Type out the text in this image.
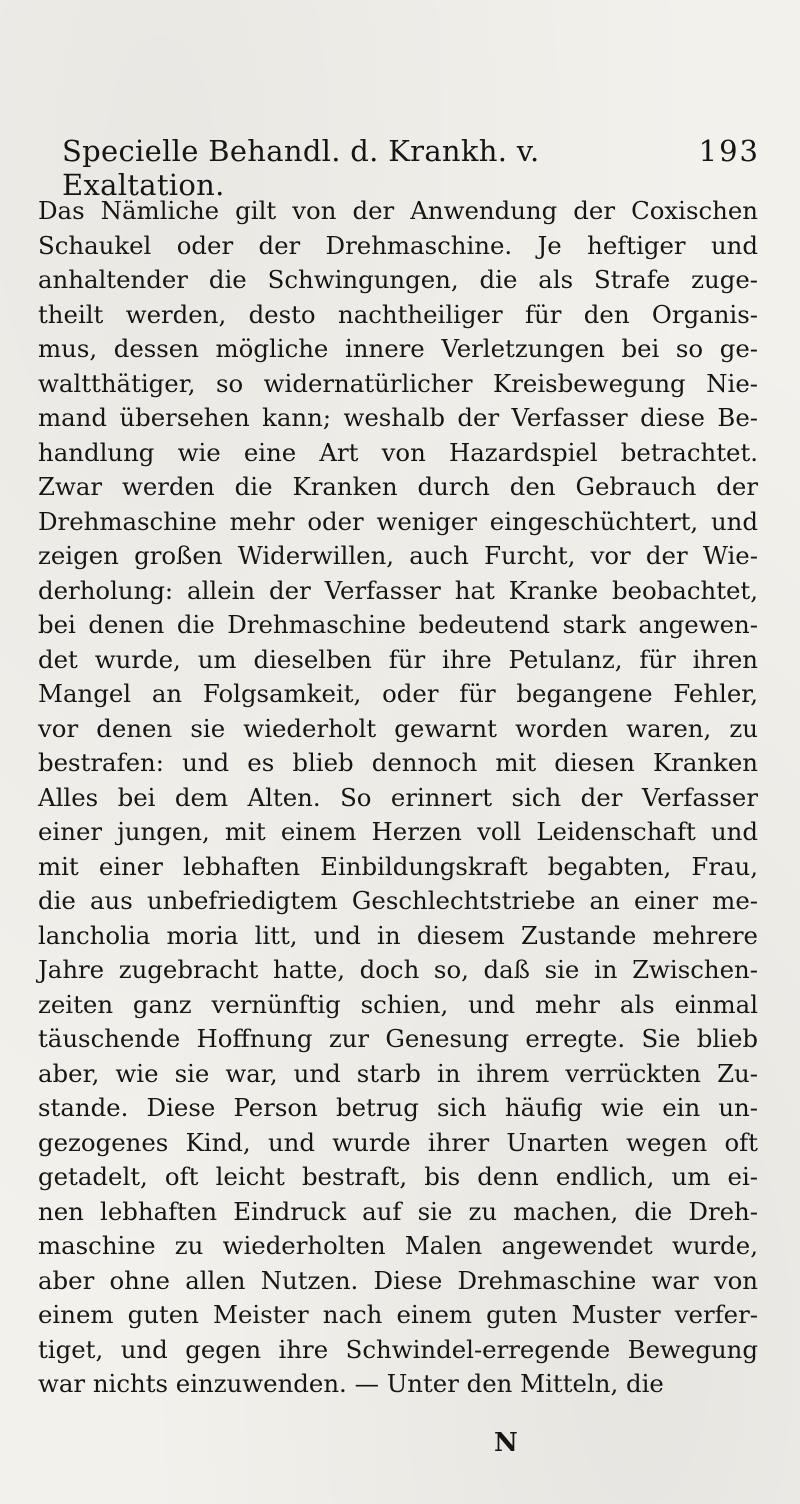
Specielle Behandl. d. Krankh. v. Exaltation.
193
Das Nämliche gilt von der Anwendung der Coxischen
Schaukel oder der Drehmaschine. Je heftiger und
anhaltender die Schwingungen, die als Strafe zuge-
theilt werden, desto nachtheiliger für den Organis-
mus, dessen mögliche innere Verletzungen bei so ge-
waltthätiger, so widernatürlicher Kreisbewegung Nie-
mand übersehen kann; weshalb der Verfasser diese Be-
handlung wie eine Art von Hazardspiel betrachtet.
Zwar werden die Kranken durch den Gebrauch der
Drehmaschine mehr oder weniger eingeschüchtert, und
zeigen großen Widerwillen, auch Furcht, vor der Wie-
derholung: allein der Verfasser hat Kranke beobachtet,
bei denen die Drehmaschine bedeutend stark angewen-
det wurde, um dieselben für ihre Petulanz, für ihren
Mangel an Folgsamkeit, oder für begangene Fehler,
vor denen sie wiederholt gewarnt worden waren, zu
bestrafen: und es blieb dennoch mit diesen Kranken
Alles bei dem Alten. So erinnert sich der Verfasser
einer jungen, mit einem Herzen voll Leidenschaft und
mit einer lebhaften Einbildungskraft begabten, Frau,
die aus unbefriedigtem Geschlechtstriebe an einer me-
lancholia moria litt, und in diesem Zustande mehrere
Jahre zugebracht hatte, doch so, daß sie in Zwischen-
zeiten ganz vernünftig schien, und mehr als einmal
täuschende Hoffnung zur Genesung erregte. Sie blieb
aber, wie sie war, und starb in ihrem verrückten Zu-
stande. Diese Person betrug sich häufig wie ein un-
gezogenes Kind, und wurde ihrer Unarten wegen oft
getadelt, oft leicht bestraft, bis denn endlich, um ei-
nen lebhaften Eindruck auf sie zu machen, die Dreh-
maschine zu wiederholten Malen angewendet wurde,
aber ohne allen Nutzen. Diese Drehmaschine war von
einem guten Meister nach einem guten Muster verfer-
tiget, und gegen ihre Schwindel-erregende Bewegung
war nichts einzuwenden. — Unter den Mitteln, die
N
